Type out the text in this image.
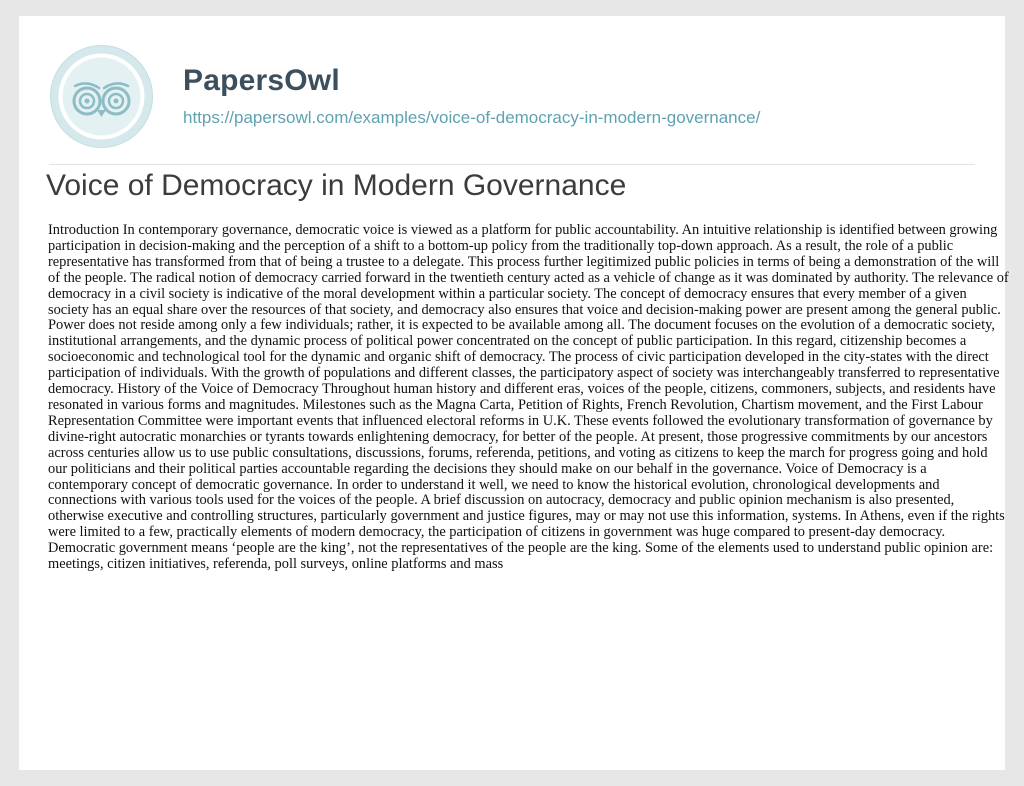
PapersOwl
https://papersowl.com/examples/voice-of-democracy-in-modern-governance/
Voice of Democracy in Modern Governance

Introduction In contemporary governance, democratic voice is viewed as a platform for public accountability. An intuitive relationship is identified between growing participation in decision-making and the perception of a shift to a bottom-up policy from the traditionally top-down approach. As a result, the role of a public representative has transformed from that of being a trustee to a delegate. This process further legitimized public policies in terms of being a demonstration of the will of the people. The radical notion of democracy carried forward in the twentieth century acted as a vehicle of change as it was dominated by authority. The relevance of democracy in a civil society is indicative of the moral development within a particular society. The concept of democracy ensures that every member of a given society has an equal share over the resources of that society, and democracy also ensures that voice and decision-making power are present among the general public. Power does not reside among only a few individuals; rather, it is expected to be available among all. The document focuses on the evolution of a democratic society, institutional arrangements, and the dynamic process of political power concentrated on the concept of public participation. In this regard, citizenship becomes a socioeconomic and technological tool for the dynamic and organic shift of democracy. The process of civic participation developed in the city-states with the direct participation of individuals. With the growth of populations and different classes, the participatory aspect of society was interchangeably transferred to representative democracy. History of the Voice of Democracy Throughout human history and different eras, voices of the people, citizens, commoners, subjects, and residents have resonated in various forms and magnitudes. Milestones such as the Magna Carta, Petition of Rights, French Revolution, Chartism movement, and the First Labour Representation Committee were important events that influenced electoral reforms in U.K. These events followed the evolutionary transformation of governance by divine-right autocratic monarchies or tyrants towards enlightening democracy, for better of the people. At present, those progressive commitments by our ancestors across centuries allow us to use public consultations, discussions, forums, referenda, petitions, and voting as citizens to keep the march for progress going and hold our politicians and their political parties accountable regarding the decisions they should make on our behalf in the governance. Voice of Democracy is a contemporary concept of democratic governance. In order to understand it well, we need to know the historical evolution, chronological developments and connections with various tools used for the voices of the people. A brief discussion on autocracy, democracy and public opinion mechanism is also presented, otherwise executive and controlling structures, particularly government and justice figures, may or may not use this information, systems. In Athens, even if the rights were limited to a few, practically elements of modern democracy, the participation of citizens in government was huge compared to present-day democracy. Democratic government means ‘people are the king’, not the representatives of the people are the king. Some of the elements used to understand public opinion are: meetings, citizen initiatives, referenda, poll surveys, online platforms and mass
